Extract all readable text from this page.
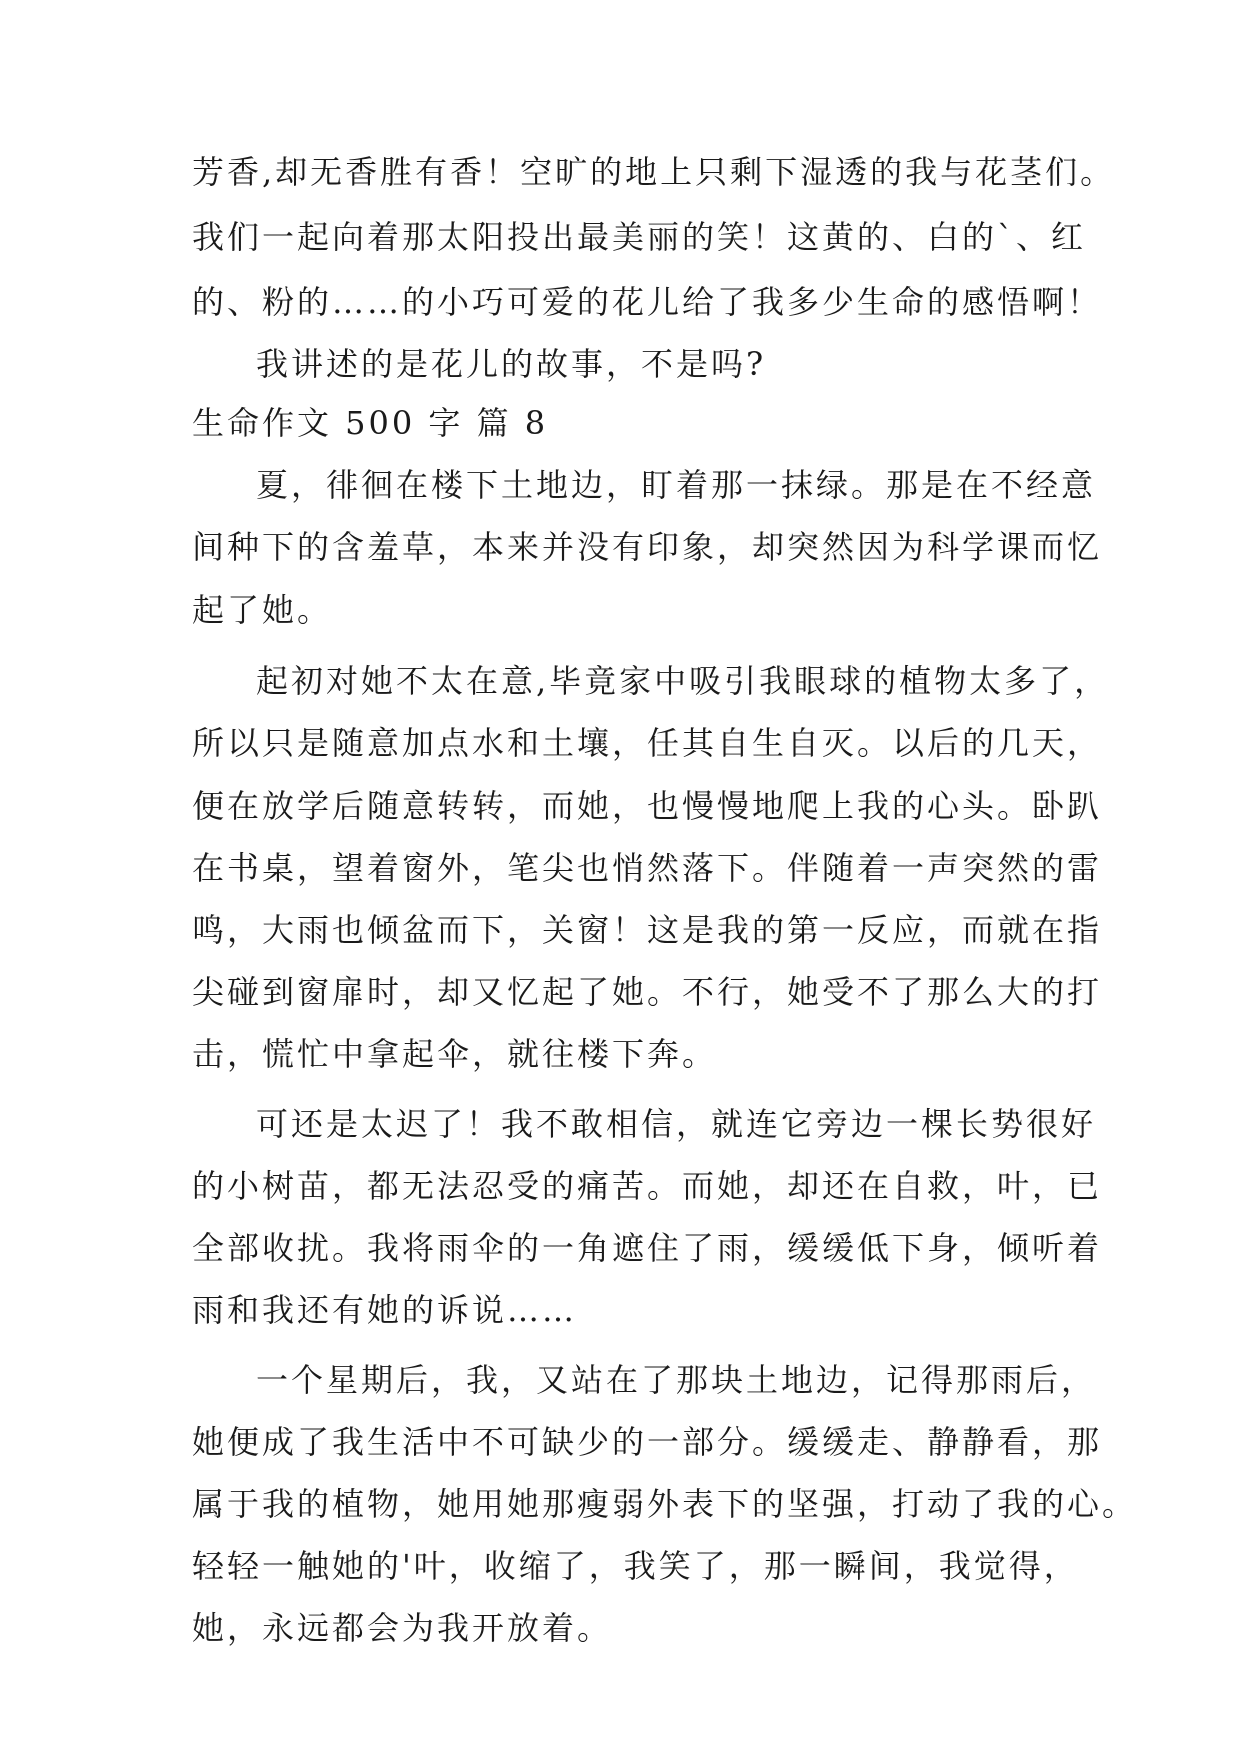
芳香,却无香胜有香！空旷的地上只剩下湿透的我与花茎们。
我们一起向着那太阳投出最美丽的笑！这黄的、白的`、红
的、粉的……的小巧可爱的花儿给了我多少生命的感悟啊！
我讲述的是花儿的故事，不是吗?
生命作文 500 字 篇 8
夏，徘徊在楼下土地边，盯着那一抹绿。那是在不经意
间种下的含羞草，本来并没有印象，却突然因为科学课而忆
起了她。
起初对她不太在意,毕竟家中吸引我眼球的植物太多了，
所以只是随意加点水和土壤，任其自生自灭。以后的几天，
便在放学后随意转转，而她，也慢慢地爬上我的心头。卧趴
在书桌，望着窗外，笔尖也悄然落下。伴随着一声突然的雷
鸣，大雨也倾盆而下，关窗！这是我的第一反应，而就在指
尖碰到窗扉时，却又忆起了她。不行，她受不了那么大的打
击，慌忙中拿起伞，就往楼下奔。
可还是太迟了！我不敢相信，就连它旁边一棵长势很好
的小树苗，都无法忍受的痛苦。而她，却还在自救，叶，已
全部收扰。我将雨伞的一角遮住了雨，缓缓低下身，倾听着
雨和我还有她的诉说……
一个星期后，我，又站在了那块土地边，记得那雨后，
她便成了我生活中不可缺少的一部分。缓缓走、静静看，那
属于我的植物，她用她那瘦弱外表下的坚强，打动了我的心。
轻轻一触她的'叶，收缩了，我笑了，那一瞬间，我觉得，
她，永远都会为我开放着。
